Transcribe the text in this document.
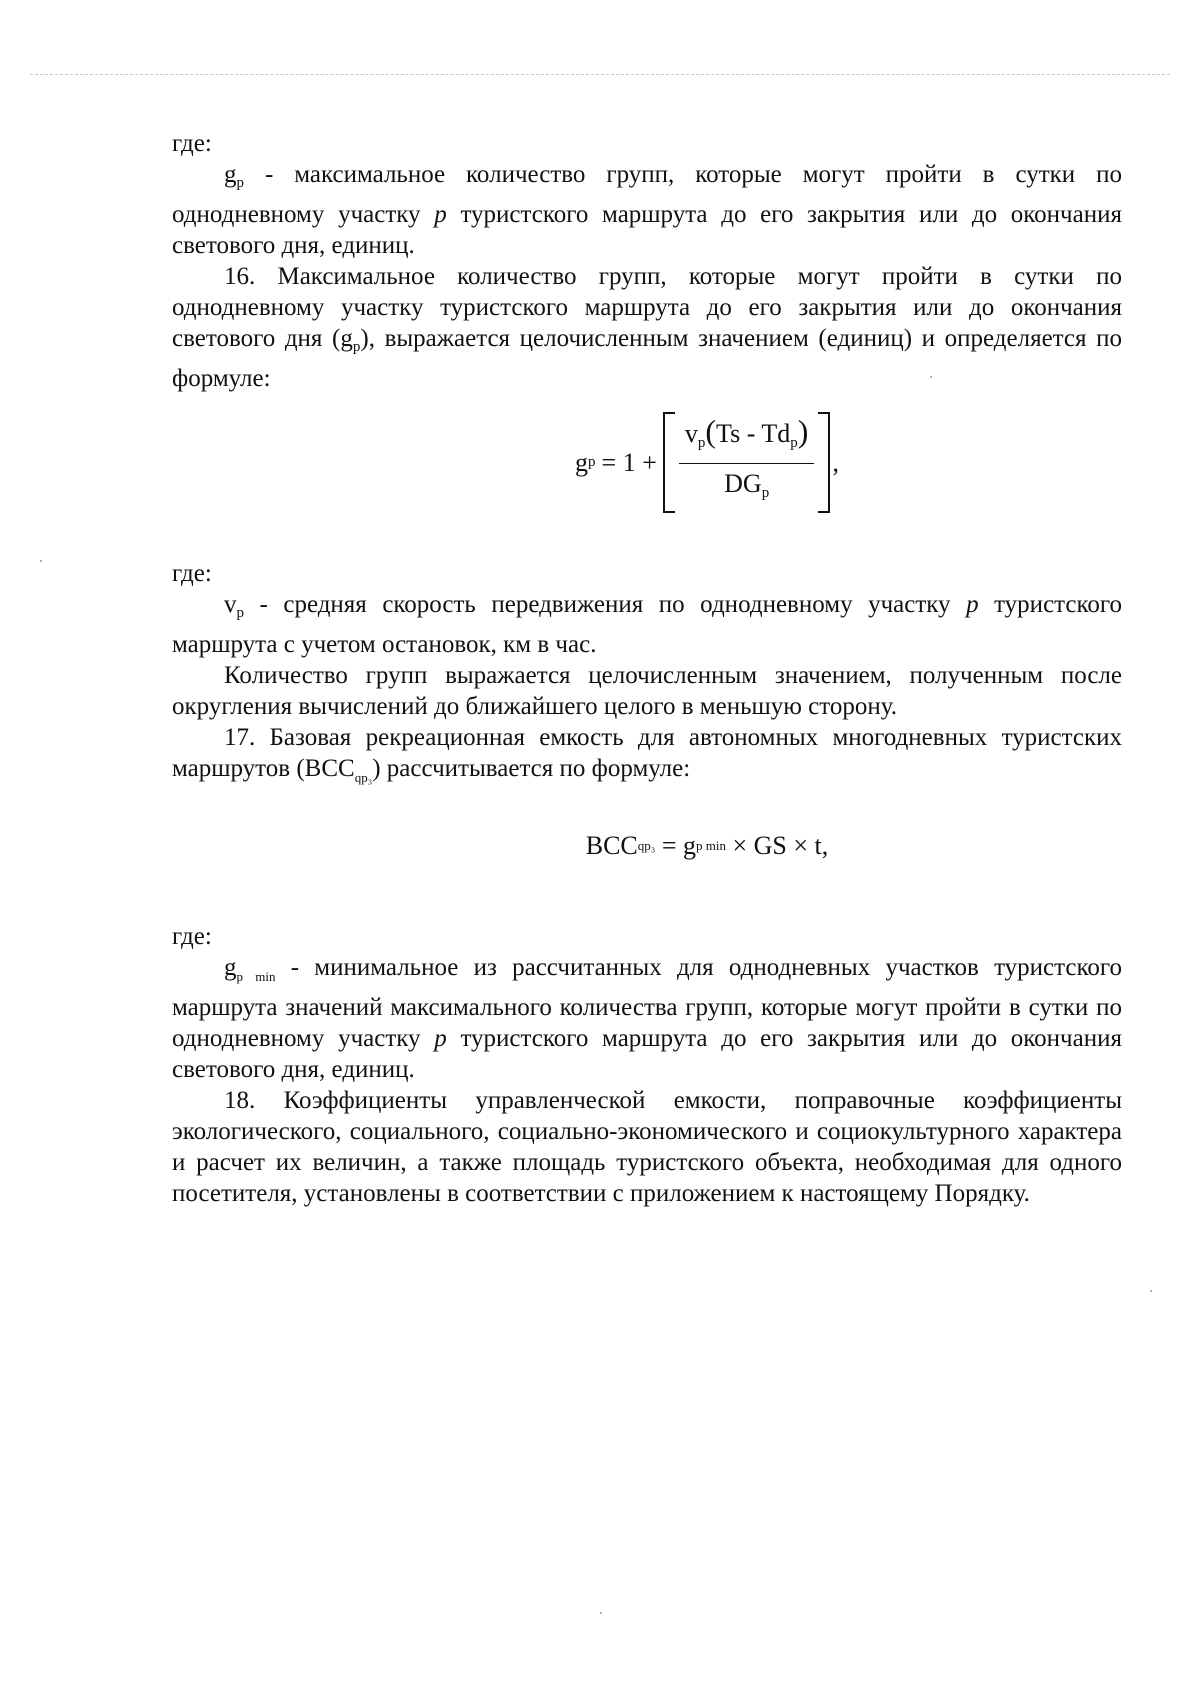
где:

$g_р$ - максимальное количество групп, которые могут пройти в сутки по однодневному участку р туристского маршрута до его закрытия или до окончания светового дня, единиц.

16. Максимальное количество групп, которые могут пройти в сутки по однодневному участку туристского маршрута до его закрытия или до окончания светового дня $(g_р)$, выражается целочисленным значением (единиц) и определяется по формуле:

g $р = 1 + \frac{v_р(Ts - Td_p)}{DG_p}$ ,

где:

$v_р$ - средняя скорость передвижения по однодневному участку р туристского маршрута с учетом остановок, км в час.

Количество групп выражается целочисленным значением, полученным после округления вычислений до ближайшего целого в меньшую сторону.

17. Базовая рекреационная емкость для автономных многодневных туристских маршрутов $(BCC_{qр_3})$ рассчитывается по формуле:

BCC qр₃ = g p min × GS × t,

где:

$g_{р min}$ - минимальное из рассчитанных для однодневных участков туристского маршрута значений максимального количества групп, которые могут пройти в сутки по однодневному участку р туристского маршрута до его закрытия или до окончания светового дня, единиц.

18. Коэффициенты управленческой емкости, поправочные коэффициенты экологического, социального, социально-экономического и социокультурного характера и расчет их величин, а также площадь туристского объекта, необходимая для одного посетителя, установлены в соответствии с приложением к настоящему Порядку.
